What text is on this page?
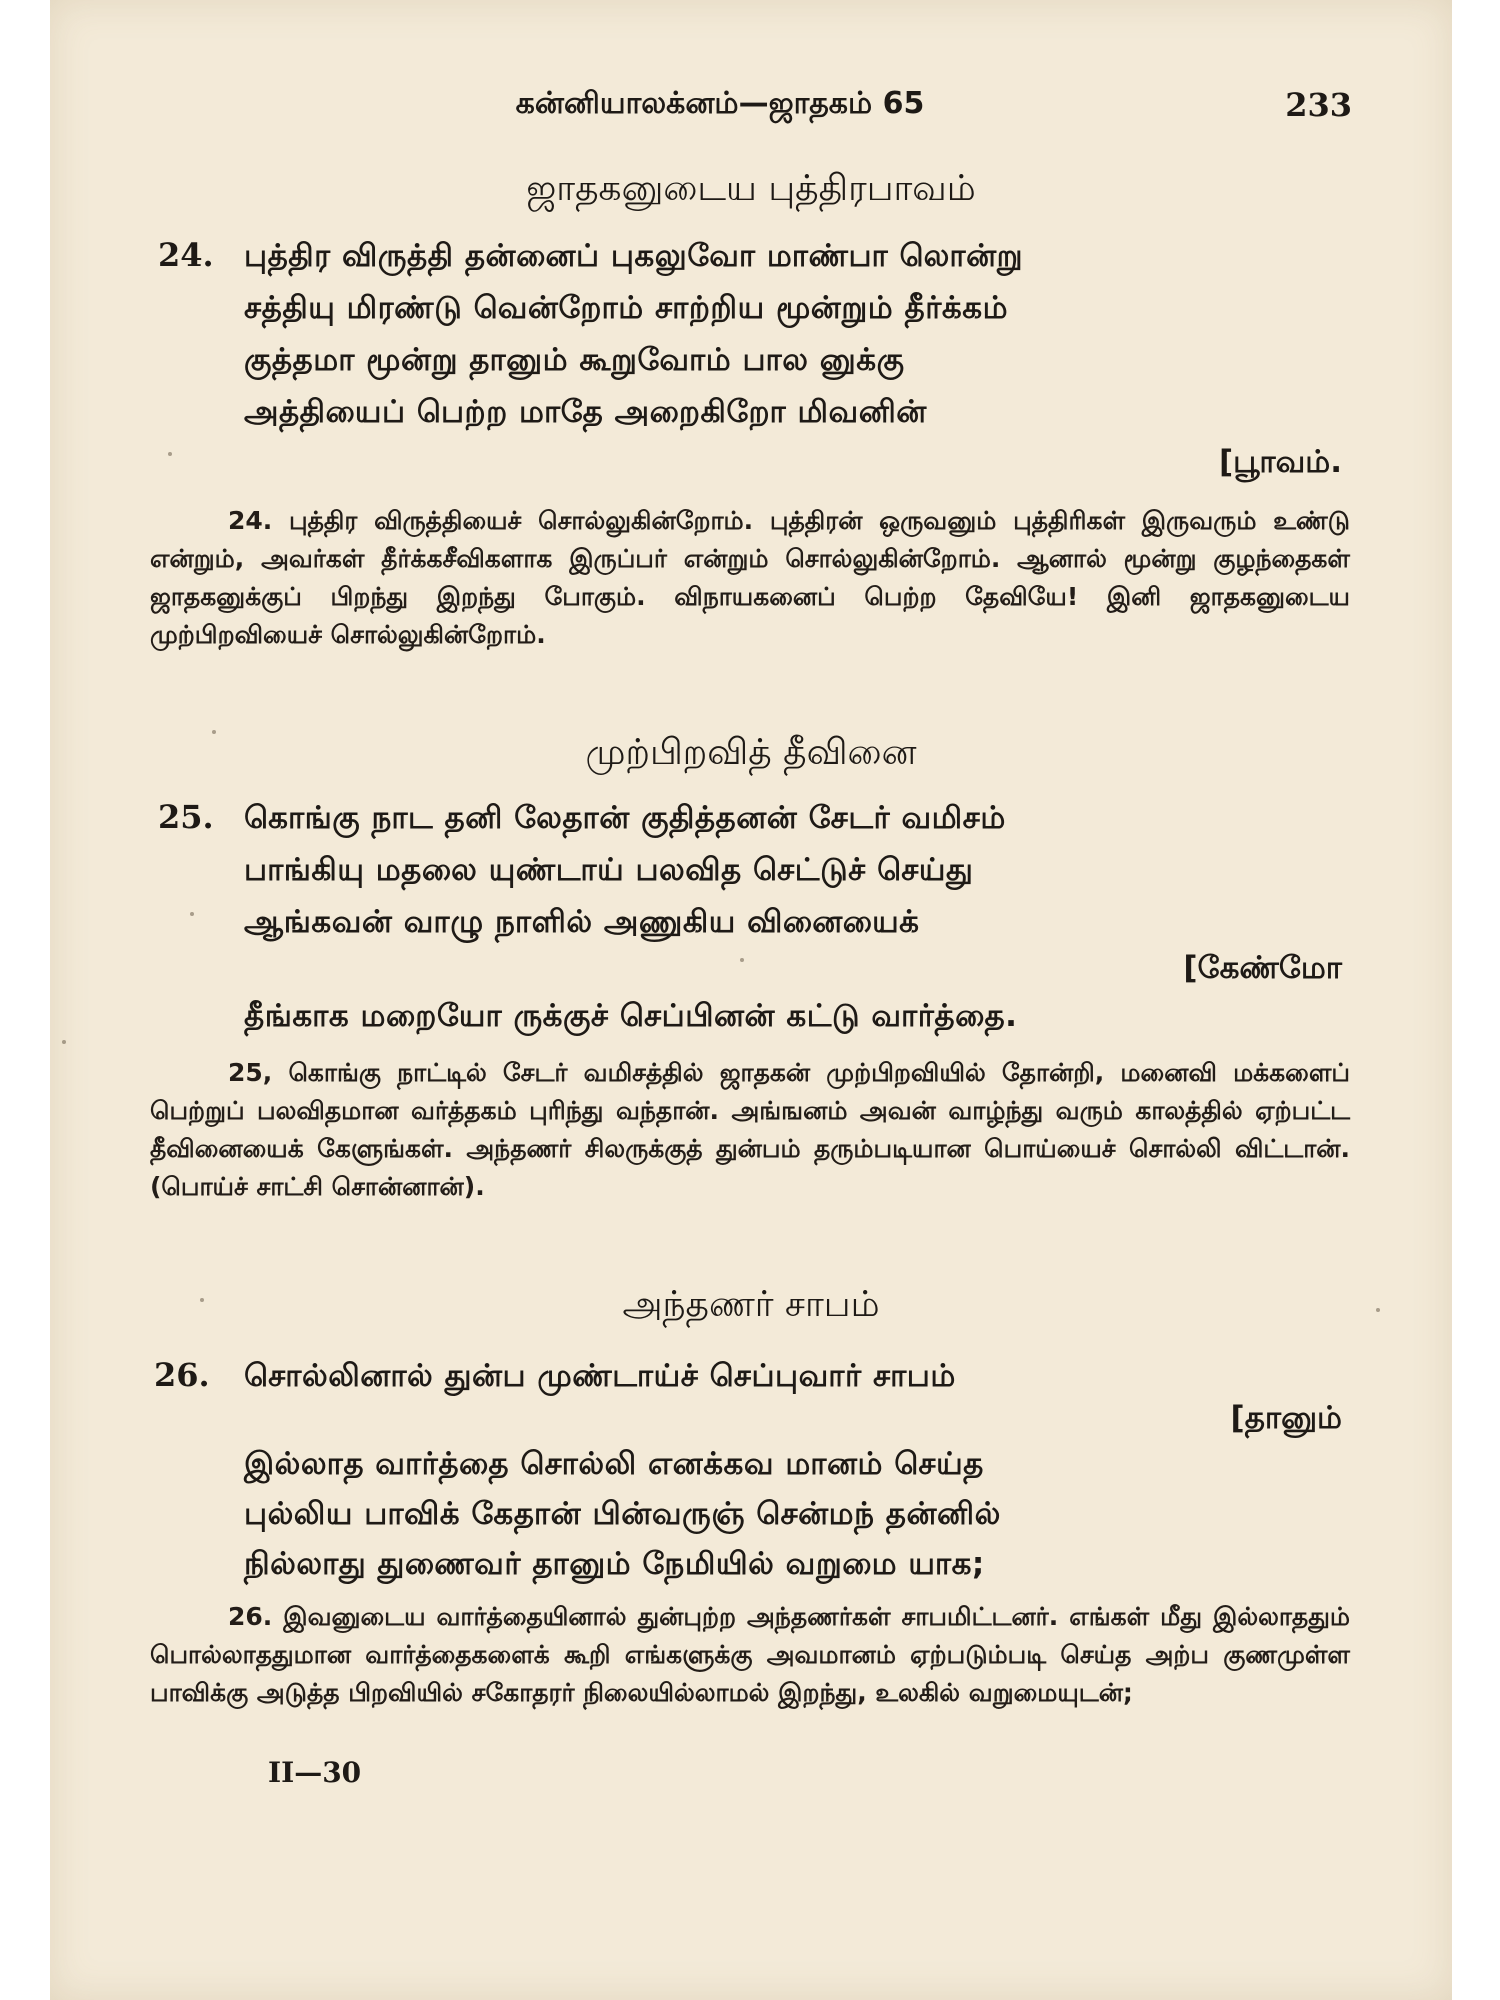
கன்னியாலக்னம்—ஜாதகம் 65	233
ஜாதகனுடைய புத்திரபாவம்
24. புத்திர விருத்தி தன்னைப் புகலுவோ மாண்பா லொன்று
சத்தியு மிரண்டு வென்றோம் சாற்றிய மூன்றும் தீர்க்கம்
குத்தமா மூன்று தானும் கூறுவோம் பால னுக்கு
அத்தியைப் பெற்ற மாதே அறைகிறோ மிவனின்
[பூாவம்.

24. புத்திர விருத்தியைச் சொல்லுகின்றோம். புத்திரன் ஒருவனும் புத்திரிகள் இருவரும் உண்டு என்றும், அவர்கள் தீர்க்கசீவிகளாக இருப்பர் என்றும் சொல்லுகின்றோம். ஆனால் மூன்று குழந்தைகள் ஜாதகனுக்குப் பிறந்து இறந்து போகும். விநாயகனைப் பெற்ற தேவியே! இனி ஜாதகனுடைய முற்பிறவியைச் சொல்லுகின்றோம்.

முற்பிறவித் தீவினை
25. கொங்கு நாட தனி லேதான் குதித்தனன் சேடர் வமிசம்
பாங்கியு மதலை யுண்டாய் பலவித செட்டுச் செய்து
ஆங்கவன் வாழு நாளில் அணுகிய வினையைக்
[கேண்மோ
தீங்காக மறையோ ருக்குச் செப்பினன் கட்டு வார்த்தை.

25, கொங்கு நாட்டில் சேடர் வமிசத்தில் ஜாதகன் முற்பிறவியில் தோன்றி, மனைவி மக்களைப் பெற்றுப் பலவிதமான வர்த்தகம் புரிந்து வந்தான். அங்ஙனம் அவன் வாழ்ந்து வரும் காலத்தில் ஏற்பட்ட தீவினையைக் கேளுங்கள். அந்தணர் சிலருக்குத் துன்பம் தரும்படியான பொய்யைச் சொல்லி விட்டான். (பொய்ச் சாட்சி சொன்னான்).

அந்தணர் சாபம்
26. சொல்லினால் துன்ப முண்டாய்ச் செப்புவார் சாபம்
[தானும்
இல்லாத வார்த்தை சொல்லி எனக்கவ மானம் செய்த
புல்லிய பாவிக் கேதான் பின்வருஞ் சென்மந் தன்னில்
நில்லாது துணைவர் தானும் நேமியில் வறுமை யாக;

26. இவனுடைய வார்த்தையினால் துன்புற்ற அந்தணர்கள் சாபமிட்டனர். எங்கள் மீது இல்லாததும் பொல்லாததுமான வார்த்தைகளைக் கூறி எங்களுக்கு அவமானம் ஏற்படும்படி செய்த அற்ப குணமுள்ள பாவிக்கு அடுத்த பிறவியில் சகோதரர் நிலையில்லாமல் இறந்து, உலகில் வறுமையுடன்;

II—30
